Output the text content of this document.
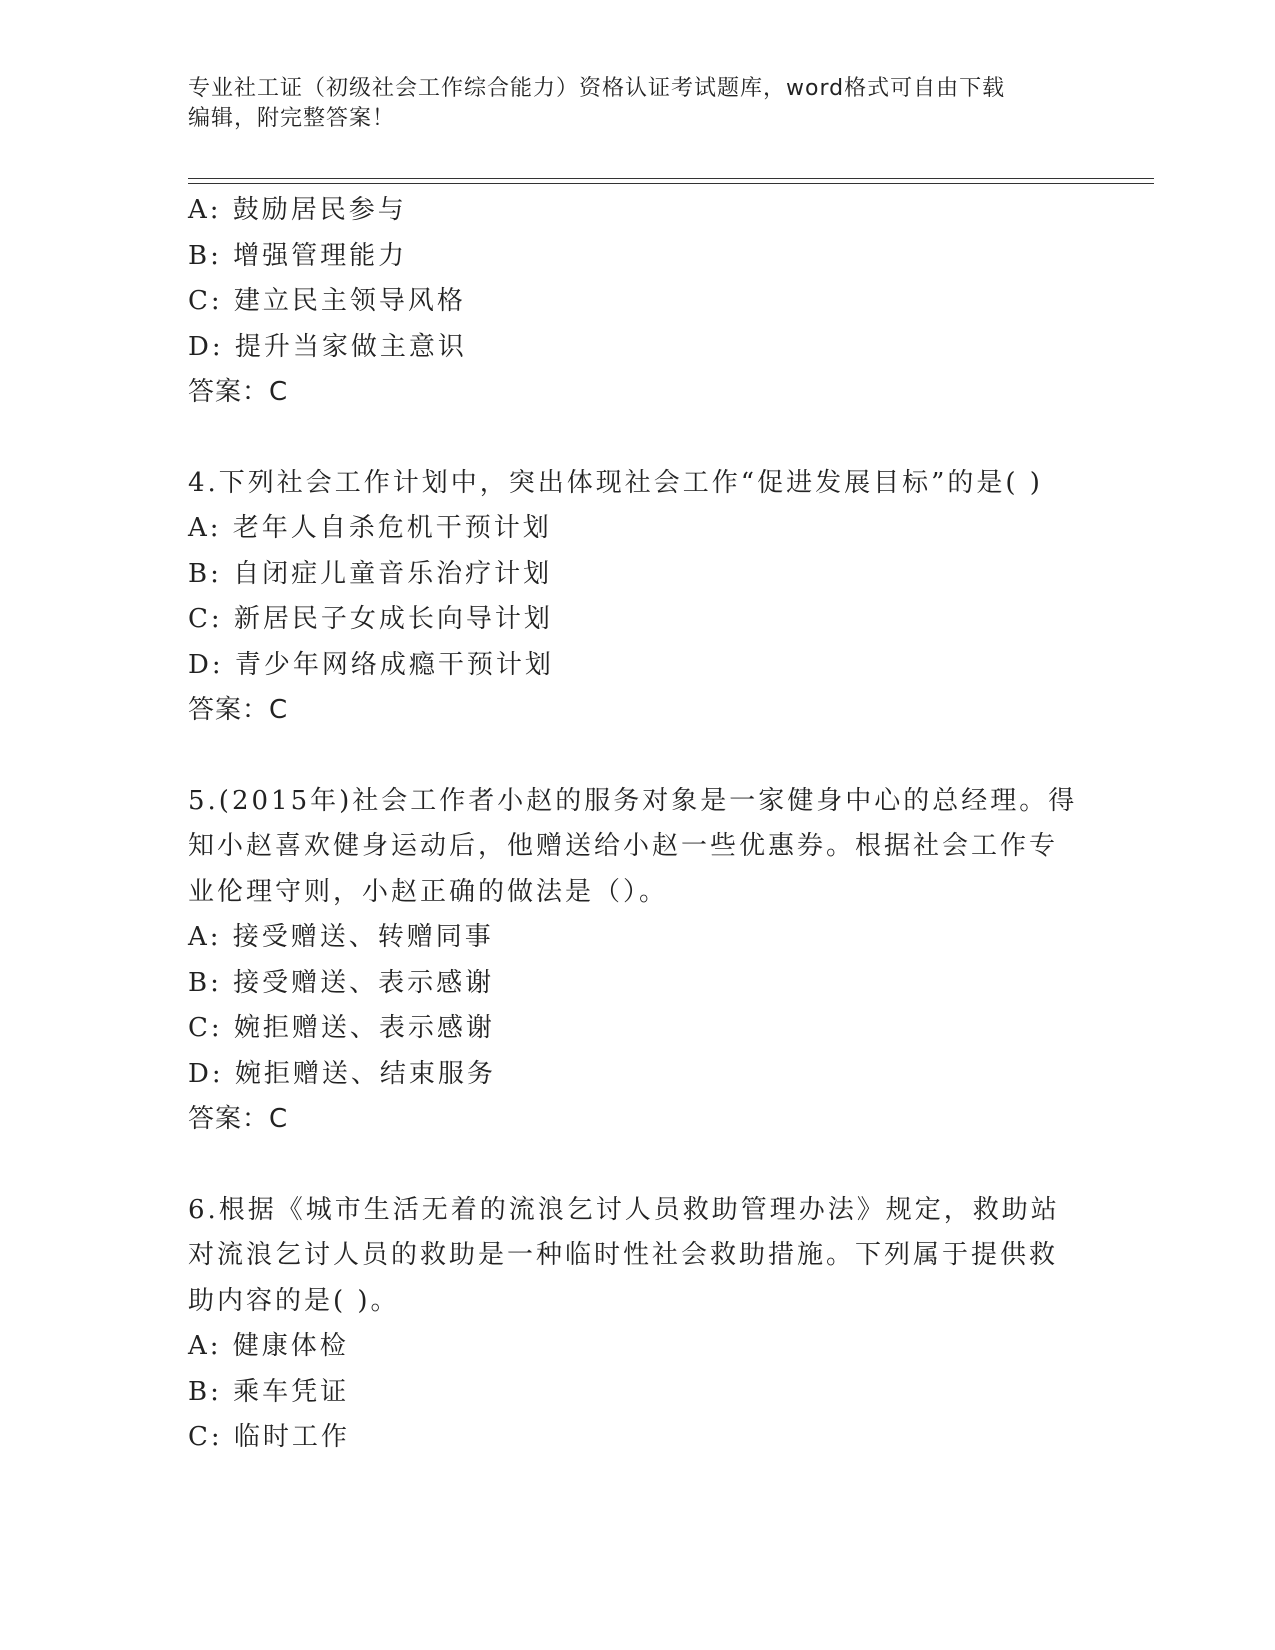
专业社工证（初级社会工作综合能力）资格认证考试题库，word格式可自由下载
编辑，附完整答案！
A: 鼓励居民参与
B: 增强管理能力
C: 建立民主领导风格
D: 提升当家做主意识
答案：C
4.下列社会工作计划中，突出体现社会工作“促进发展目标”的是( )
A: 老年人自杀危机干预计划
B: 自闭症儿童音乐治疗计划
C: 新居民子女成长向导计划
D: 青少年网络成瘾干预计划
答案：C
5.(2015年)社会工作者小赵的服务对象是一家健身中心的总经理。得
知小赵喜欢健身运动后，他赠送给小赵一些优惠券。根据社会工作专
业伦理守则，小赵正确的做法是（）。
A: 接受赠送、转赠同事
B: 接受赠送、表示感谢
C: 婉拒赠送、表示感谢
D: 婉拒赠送、结束服务
答案：C
6.根据《城市生活无着的流浪乞讨人员救助管理办法》规定，救助站
对流浪乞讨人员的救助是一种临时性社会救助措施。下列属于提供救
助内容的是( )。
A: 健康体检
B: 乘车凭证
C: 临时工作
